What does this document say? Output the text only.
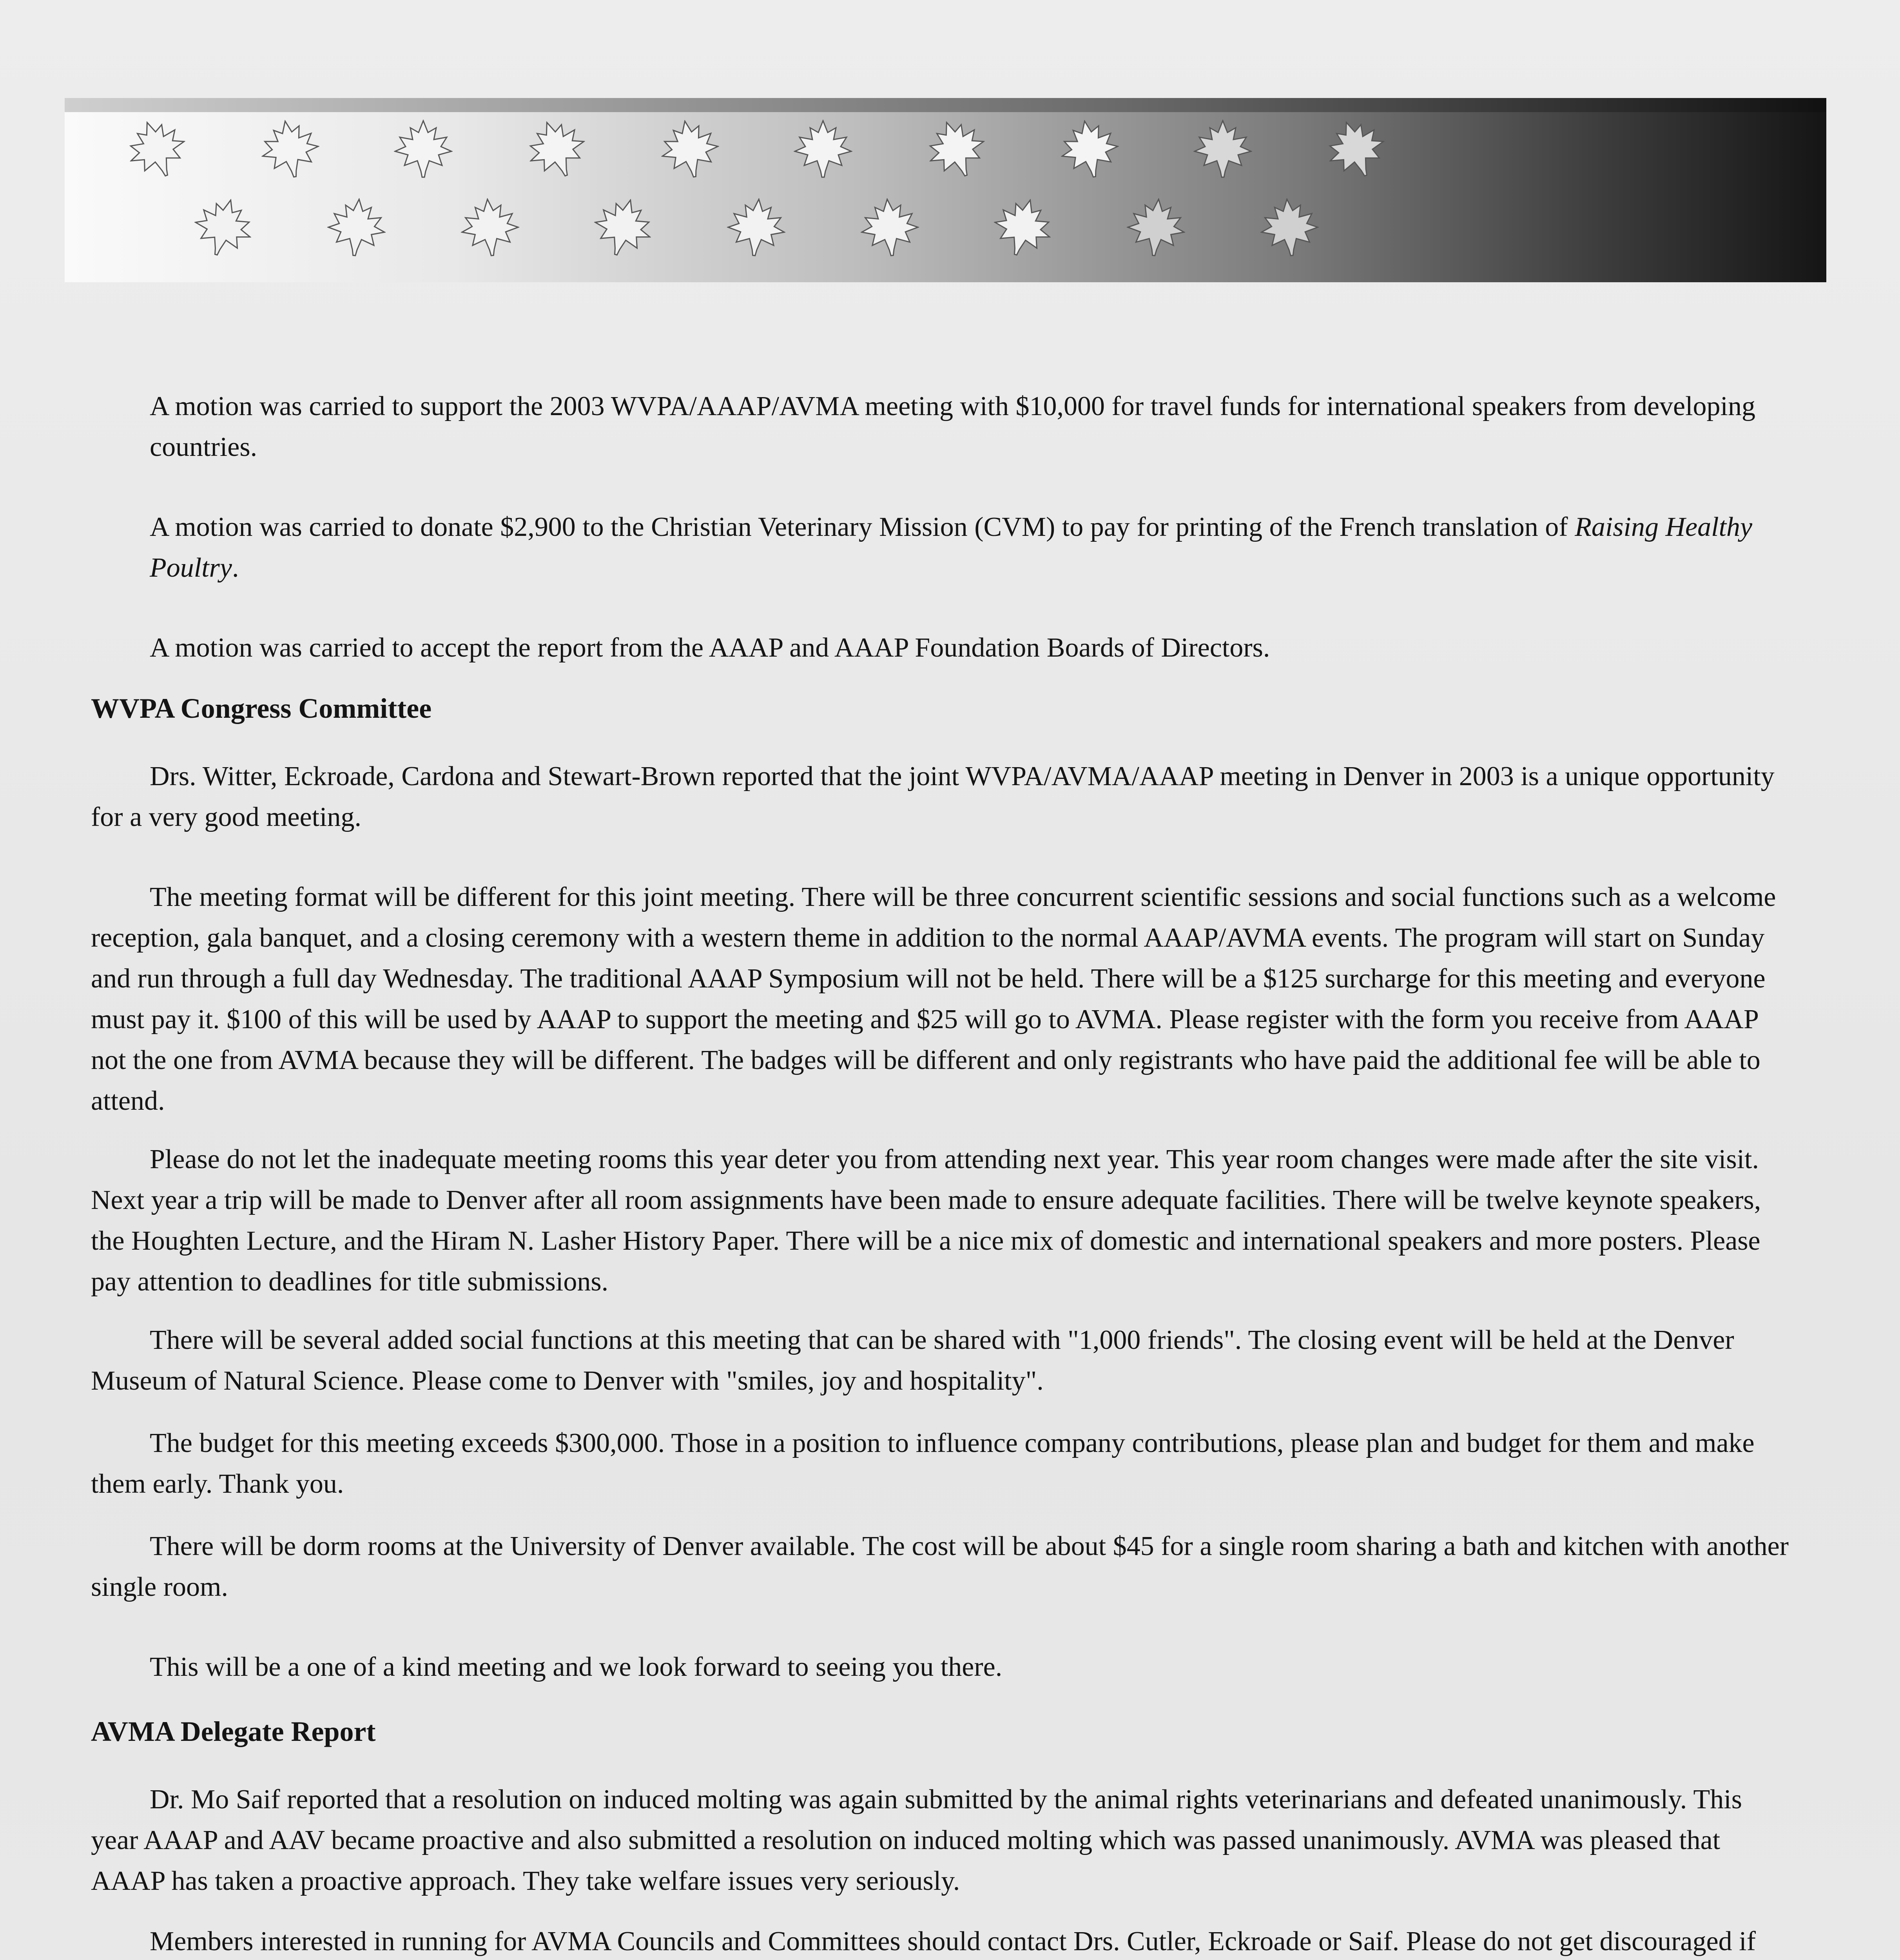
A motion was carried to support the 2003 WVPA/AAAP/AVMA meeting with $10,000 for travel funds for international speakers from developing countries.

A motion was carried to donate $2,900 to the Christian Veterinary Mission (CVM) to pay for printing of the French translation of Raising Healthy Poultry.

A motion was carried to accept the report from the AAAP and AAAP Foundation Boards of Directors.

WVPA Congress Committee

Drs. Witter, Eckroade, Cardona and Stewart-Brown reported that the joint WVPA/AVMA/AAAP meeting in Denver in 2003 is a unique opportunity for a very good meeting.

The meeting format will be different for this joint meeting. There will be three concurrent scientific sessions and social functions such as a welcome reception, gala banquet, and a closing ceremony with a western theme in addition to the normal AAAP/AVMA events. The program will start on Sunday and run through a full day Wednesday. The traditional AAAP Symposium will not be held. There will be a $125 surcharge for this meeting and everyone must pay it. $100 of this will be used by AAAP to support the meeting and $25 will go to AVMA. Please register with the form you receive from AAAP not the one from AVMA because they will be different. The badges will be different and only registrants who have paid the additional fee will be able to attend.

Please do not let the inadequate meeting rooms this year deter you from attending next year. This year room changes were made after the site visit. Next year a trip will be made to Denver after all room assignments have been made to ensure adequate facilities. There will be twelve keynote speakers, the Houghten Lecture, and the Hiram N. Lasher History Paper. There will be a nice mix of domestic and international speakers and more posters. Please pay attention to deadlines for title submissions.

There will be several added social functions at this meeting that can be shared with "1,000 friends". The closing event will be held at the Denver Museum of Natural Science. Please come to Denver with "smiles, joy and hospitality".

The budget for this meeting exceeds $300,000. Those in a position to influence company contributions, please plan and budget for them and make them early. Thank you.

There will be dorm rooms at the University of Denver available. The cost will be about $45 for a single room sharing a bath and kitchen with another single room.

This will be a one of a kind meeting and we look forward to seeing you there.

AVMA Delegate Report

Dr. Mo Saif reported that a resolution on induced molting was again submitted by the animal rights veterinarians and defeated unanimously. This year AAAP and AAV became proactive and also submitted a resolution on induced molting which was passed unanimously. AVMA was pleased that AAAP has taken a proactive approach. They take welfare issues very seriously.

Members interested in running for AVMA Councils and Committees should contact Drs. Cutler, Eckroade or Saif. Please do not get discouraged if
